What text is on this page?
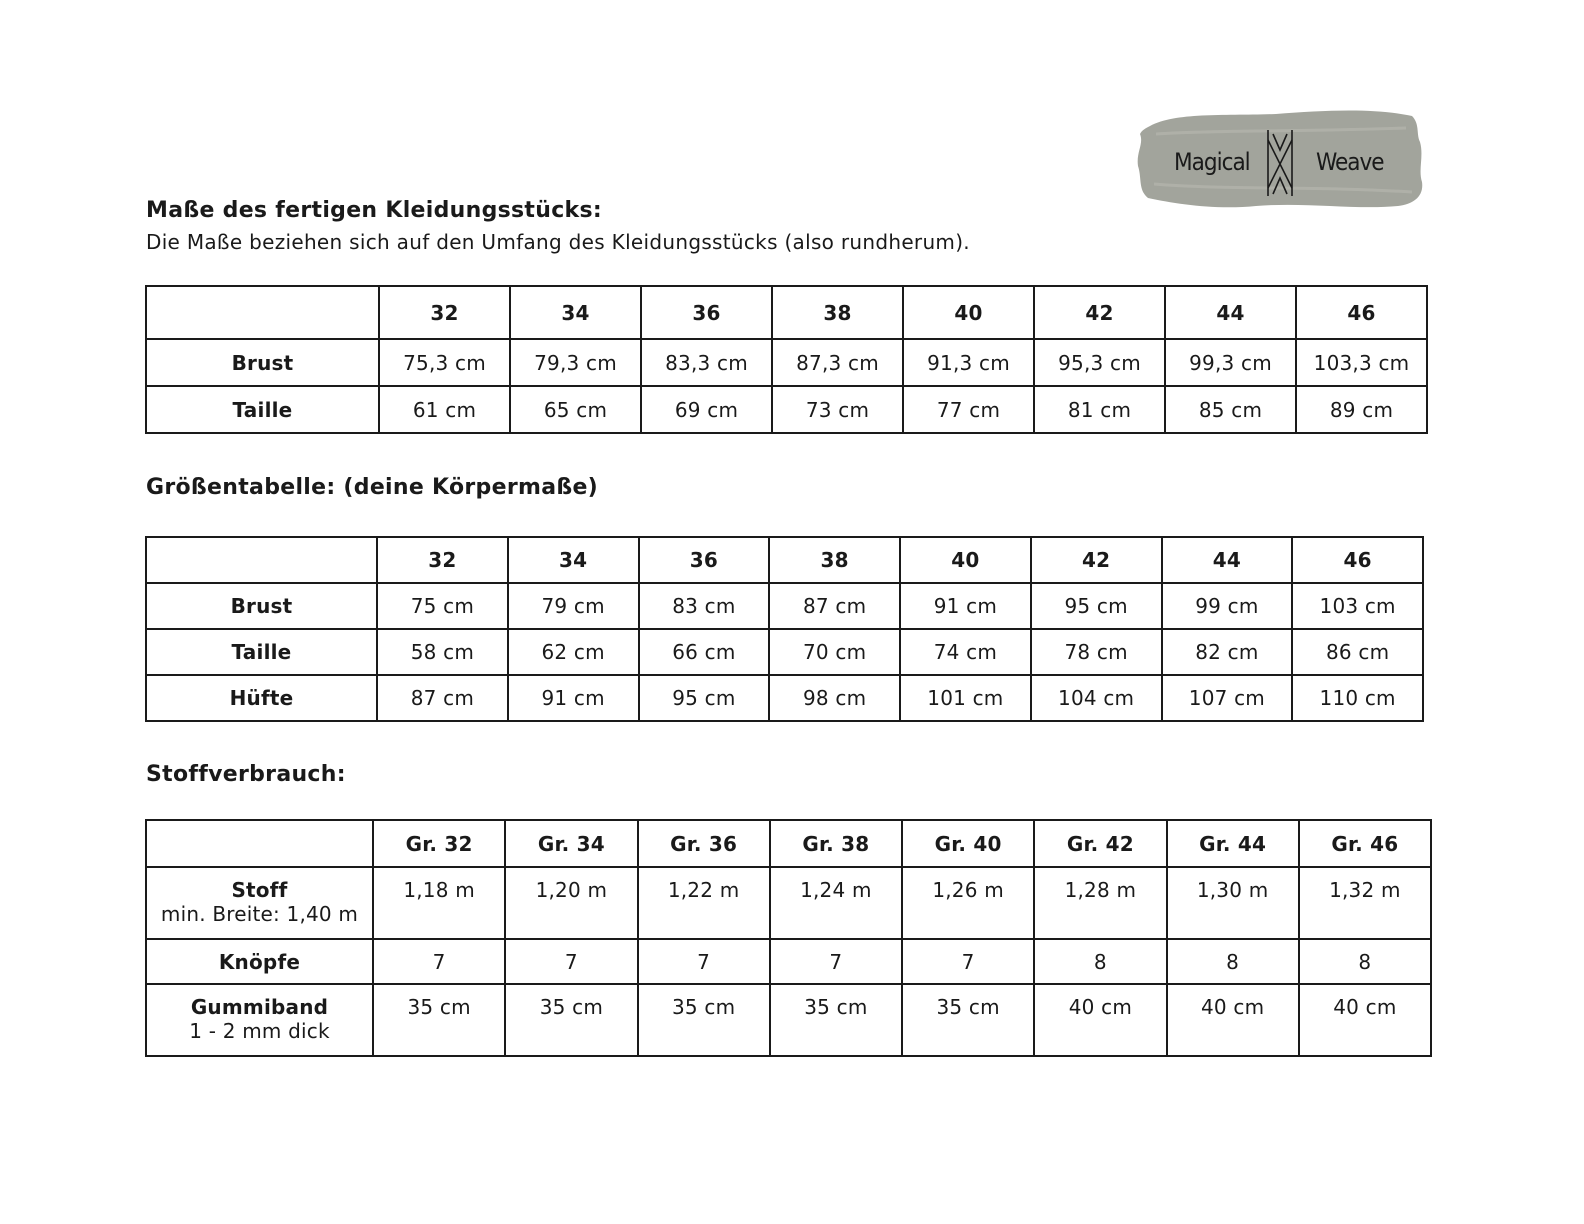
Magical	Weave
Maße des fertigen Kleidungsstücks:

Die Maße beziehen sich auf den Umfang des Kleidungsstücks (also rundherum).

	32	34	36	38	40	42	44	46
Brust	75,3 cm	79,3 cm	83,3 cm	87,3 cm	91,3 cm	95,3 cm	99,3 cm	103,3 cm
Taille	61 cm	65 cm	69 cm	73 cm	77 cm	81 cm	85 cm	89 cm
Größentabelle: (deine Körpermaße)
	32	34	36	38	40	42	44	46
Brust	75 cm	79 cm	83 cm	87 cm	91 cm	95 cm	99 cm	103 cm
Taille	58 cm	62 cm	66 cm	70 cm	74 cm	78 cm	82 cm	86 cm
Hüfte	87 cm	91 cm	95 cm	98 cm	101 cm	104 cm	107 cm	110 cm
Stoffverbrauch:
	Gr. 32	Gr. 34	Gr. 36	Gr. 38	Gr. 40	Gr. 42	Gr. 44	Gr. 46
Stoff
min. Breite: 1,40 m	1,18 m	1,20 m	1,22 m	1,24 m	1,26 m	1,28 m	1,30 m	1,32 m
Knöpfe	7	7	7	7	7	8	8	8
Gummiband
1 - 2 mm dick	35 cm	35 cm	35 cm	35 cm	35 cm	40 cm	40 cm	40 cm
